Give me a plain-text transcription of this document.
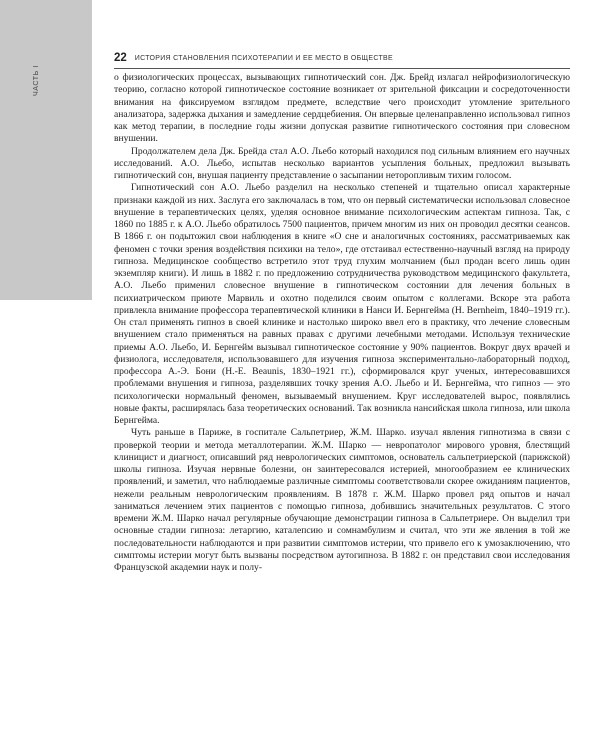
ЧАСТЬ I
22 ИСТОРИЯ СТАНОВЛЕНИЯ ПСИХОТЕРАПИИ И ЕЕ МЕСТО В ОБЩЕСТВЕ

о физиологических процессах, вызывающих гипнотический сон. Дж. Брейд излагал нейрофизиологическую теорию, согласно которой гипнотическое состояние возникает от зрительной фиксации и сосредоточенности внимания на фиксируемом взглядом предмете, вследствие чего происходит утомление зрительного анализатора, задержка дыхания и замедление сердцебиения. Он впервые целенаправленно использовал гипноз как метод терапии, в последние годы жизни допуская развитие гипнотического состояния при словесном внушении.

Продолжателем дела Дж. Брейда стал А.О. Льебо который находился под сильным влиянием его научных исследований. А.О. Льебо, испытав несколько вариантов усыпления больных, предложил вызывать гипнотический сон, внушая пациенту представление о засыпании неторопливым тихим голосом.

Гипнотический сон А.О. Льебо разделил на несколько степеней и тщательно описал характерные признаки каждой из них. Заслуга его заключалась в том, что он первый систематически использовал словесное внушение в терапевтических целях, уделяя основное внимание психологическим аспектам гипноза. Так, с 1860 по 1885 г. к А.О. Льебо обратилось 7500 пациентов, причем многим из них он проводил десятки сеансов. В 1866 г. он подытожил свои наблюдения в книге «О сне и аналогичных состояниях, рассматриваемых как феномен с точки зрения воздействия психики на тело», где отстаивал естественно-научный взгляд на природу гипноза. Медицинское сообщество встретило этот труд глухим молчанием (был продан всего лишь один экземпляр книги). И лишь в 1882 г. по предложению сотрудничества руководством медицинского факультета, А.О. Льебо применил словесное внушение в гипнотическом состоянии для лечения больных в психиатрическом приюте Марвиль и охотно поделился своим опытом с коллегами. Вскоре эта работа привлекла внимание профессора терапевтической клиники в Нанси И. Бернгейма (H. Bernheim, 1840–1919 гг.). Он стал применять гипноз в своей клинике и настолько широко ввел его в практику, что лечение словесным внушением стало применяться на равных правах с другими лечебными методами. Используя технические приемы А.О. Льебо, И. Бернгейм вызывал гипнотическое состояние у 90% пациентов. Вокруг двух врачей и физиолога, исследователя, использовавшего для изучения гипноза экспериментально-лабораторный подход, профессора А.-Э. Бони (H.-E. Beaunis, 1830–1921 гг.), сформировался круг ученых, интересовавшихся проблемами внушения и гипноза, разделявших точку зрения А.О. Льебо и И. Бернгейма, что гипноз — это психологически нормальный феномен, вызываемый внушением. Круг исследователей вырос, появлялись новые факты, расширялась база теоретических оснований. Так возникла нансийская школа гипноза, или школа Бернгейма.

Чуть раньше в Париже, в госпитале Сальпетриер, Ж.М. Шарко. изучал явления гипнотизма в связи с проверкой теории и метода металлотерапии. Ж.М. Шарко — невропатолог мирового уровня, блестящий клиницист и диагност, описавший ряд неврологических симптомов, основатель сальпетриерской (парижской) школы гипноза. Изучая нервные болезни, он заинтересовался истерией, многообразием ее клинических проявлений, и заметил, что наблюдаемые различные симптомы соответствовали скорее ожиданиям пациентов, нежели реальным неврологическим проявлениям. В 1878 г. Ж.М. Шарко провел ряд опытов и начал заниматься лечением этих пациентов с помощью гипноза, добившись значительных результатов. С этого времени Ж.М. Шарко начал регулярные обучающие демонстрации гипноза в Сальпетриере. Он выделил три основные стадии гипноза: летаргию, каталепсию и сомнамбулизм и считал, что эти же явления в той же последовательности наблюдаются и при развитии симптомов истерии, что привело его к умозаключению, что симптомы истерии могут быть вызваны посредством аутогипноза. В 1882 г. он представил свои исследования Французской академии наук и полу-
